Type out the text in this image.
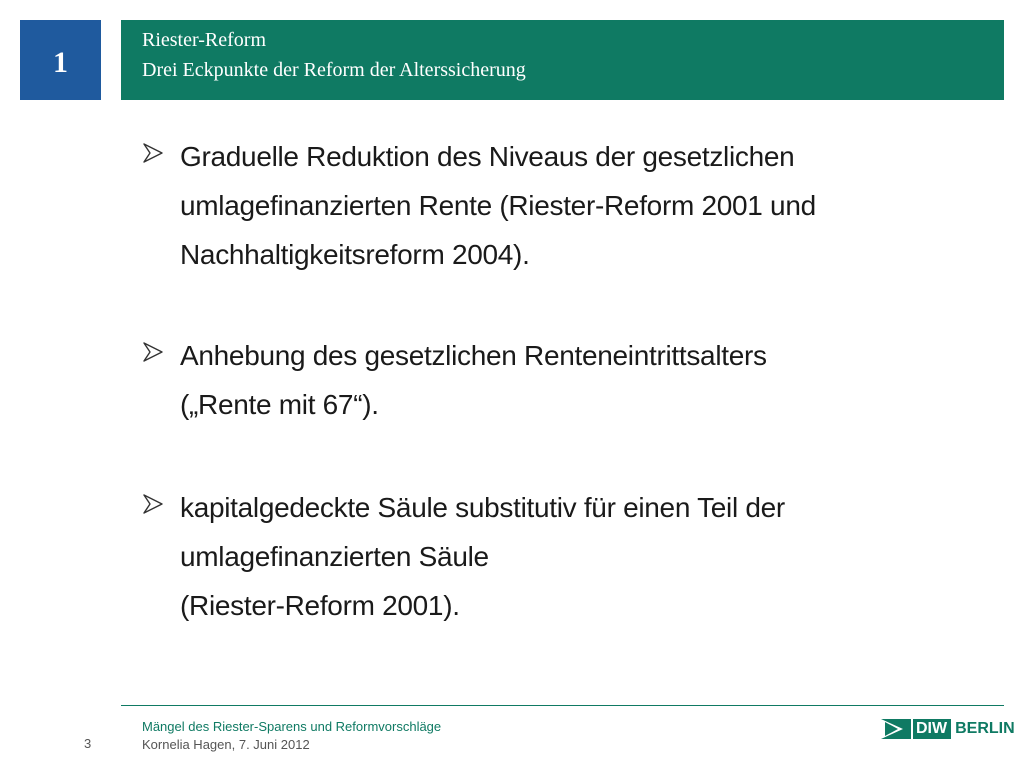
1
Riester-Reform
Drei Eckpunkte der Reform der Alterssicherung
Graduelle Reduktion des Niveaus der gesetzlichen
umlagefinanzierten Rente (Riester-Reform 2001 und
Nachhaltigkeitsreform 2004).
Anhebung des gesetzlichen Renteneintrittsalters
(„Rente mit 67“).
kapitalgedeckte Säule substitutiv für einen Teil der
umlagefinanzierten Säule
(Riester-Reform 2001).
3
Mängel des Riester-Sparens und Reformvorschläge
Kornelia Hagen, 7. Juni 2012
DIW BERLIN
